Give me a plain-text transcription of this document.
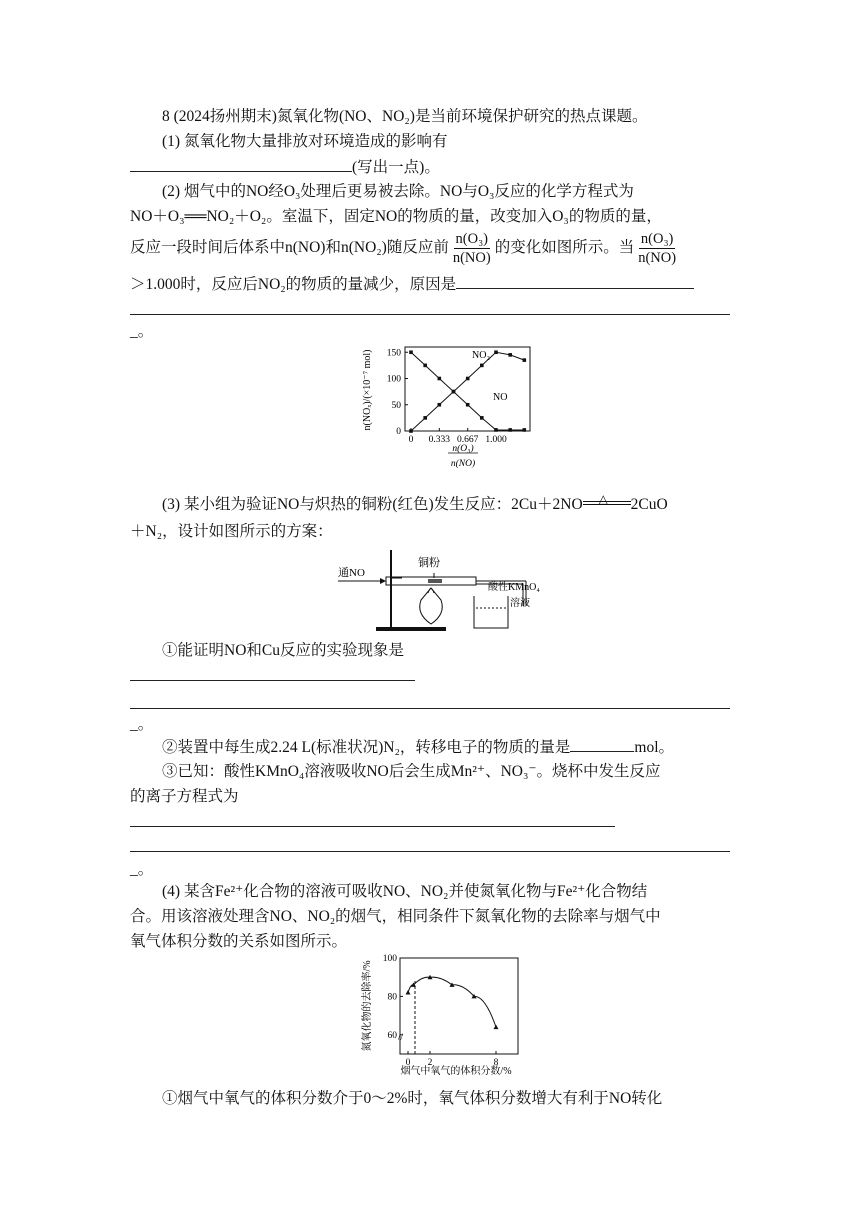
8 (2024扬州期末)氮氧化物(NO、NO₂)是当前环境保护研究的热点课题。
(1) 氮氧化物大量排放对环境造成的影响有
(写出一点)。
(2) 烟气中的NO经O₃处理后更易被去除。NO与O₃反应的化学方程式为
NO＋O₃══NO₂＋O₂。室温下，固定NO的物质的量，改变加入O₃的物质的量，
反应一段时间后体系中n(NO)和n(NO₂)随反应前 $\frac{\text{n(O₃)}}{n(NO)}$ 的变化如图所示。当 $\frac{\text{n(O₃)}}{n(NO)}$
＞1.000时，反应后NO₂的物质的量减少，原因是
_。
0 0.333 0.667 1.000
0
50
100
150
n(NOₓ)/(×10⁻⁷ mol)	NO₂
NO
n(O₃)
n(NO)
(3) 某小组为验证NO与炽热的铜粉(红色)发生反应：2Cu＋2NO △ 2CuO
＋N₂，设计如图所示的方案：
通NO
铜粉
酸性KMnO₄
溶液
①能证明NO和Cu反应的实验现象是
_。
②装置中每生成2.24 L(标准状况)N₂，转移电子的物质的量是	mol。
③已知：酸性KMnO₄溶液吸收NO后会生成Mn²⁺、NO₃⁻。烧杯中发生反应
的离子方程式为
_。
(4) 某含Fe²⁺化合物的溶液可吸收NO、NO₂并使氮氧化物与Fe²⁺化合物结
合。用该溶液处理含NO、NO₂的烟气，相同条件下氮氧化物的去除率与烟气中
氧气体积分数的关系如图所示。
0 2	8
60
80
100
//
氮氧化物的去除率/%
烟气中氧气的体积分数/%
①烟气中氧气的体积分数介于0～2%时，氧气体积分数增大有利于NO转化
